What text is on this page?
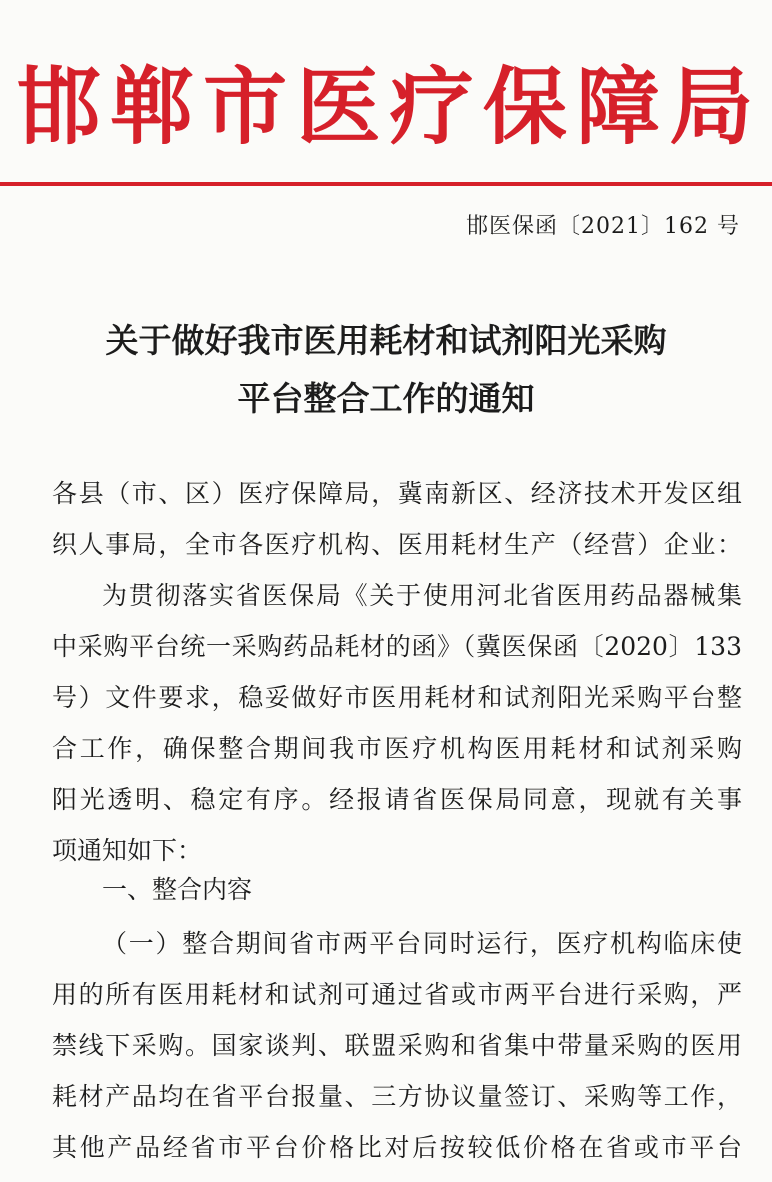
邯 郸 市 医 疗 保 障 局
邯医保函〔2021〕162 号
关于做好我市医用耗材和试剂阳光采购
平台整合工作的通知
各县（市、区）医疗保障局，冀南新区、经济技术开发区组
织人事局，全市各医疗机构、医用耗材生产（经营）企业：
为贯彻落实省医保局《关于使用河北省医用药品器械集
中采购平台统一采购药品耗材的函》（冀医保函〔2020〕133
号）文件要求，稳妥做好市医用耗材和试剂阳光采购平台整
合工作，确保整合期间我市医疗机构医用耗材和试剂采购
阳光透明、稳定有序。经报请省医保局同意，现就有关事
项通知如下：
一、整合内容
（一）整合期间省市两平台同时运行，医疗机构临床使
用的所有医用耗材和试剂可通过省或市两平台进行采购，严
禁线下采购。国家谈判、联盟采购和省集中带量采购的医用
耗材产品均在省平台报量、三方协议量签订、采购等工作，
其他产品经省市平台价格比对后按较低价格在省或市平台
